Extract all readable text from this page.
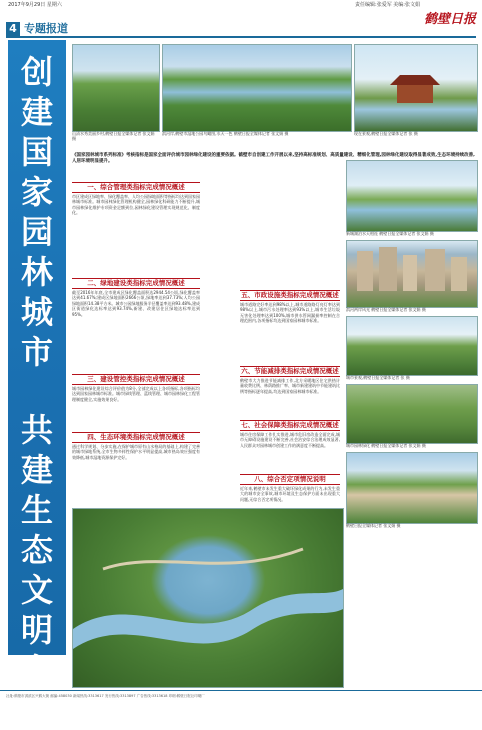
2017年9月29日 星期六	责任编辑:张爱军 美编:张文娟
鹤壁日报
4 专题报道
创
建
国
家
园
林
城
市
共
建
生
态
文
明
家
园
山清水秀美丽乡村,鹤壁日报全媒体记者 张文娟 摄
淇河岸,鹤壁市湿地公园鸟瞰图,水天一色 鹤壁日报全媒体记者 张文娟 摄	现在景观,鹤壁日报全媒体记者 张 摄
《国家园林城市系列标准》考核指标是国家全面评价城市园林绿化建设的重要依据。鹤壁市自创建工作开展以来,坚持高标准规划、高质量建设、精细化管理,园林绿化建设取得显著成效,生态环境持续改善,人居环境明显提升。
一、综合管理类指标完成情况概述
市区建成区绿地率、绿化覆盖率、人均公园绿地面积等指标均达到国家园林城市标准。城市园林绿化管理机构健全,园林绿化科研能力不断提升,城市园林绿化维护专项资金足额到位,园林绿化建设管理实现规范化、制度化。
二、绿地建设类指标完成情况概述
截至2016年年底,全市建成区绿化覆盖面积达2944.54公顷,绿化覆盖率达到41.67%;建成区绿地面积2666公顷,绿地率达到37.73%;人均公园绿地面积14.38平方米。城市公园绿地服务半径覆盖率达到93.48%,建成区街道绿化达标率达到93.74%,新建、改建居住区绿地达标率达到95%。
三、建设管控类指标完成情况概述
城市园林绿化建设综合评价值为8分,全部完成以上各项指标,各项指标均达到国家园林城市标准。城市绿线管理、蓝线管理、城市园林绿化工程管理制度健全,实施效果良好。
四、生态环境类指标完成情况概述
通过科学规划、分步实施,在保护城市原有山水格局的基础上,构建了完善的城市绿地系统,全市生物多样性保护水平明显提高,城市热岛效应强度有效降低,城市湿地资源保护完好。
五、市政设施类指标完成情况概述
城市道路完好率达到98%以上,城市道路路灯亮灯率达到98%以上,城市污水处理率达到93%以上,城市生活垃圾无害化处理率达到100%,城市供水管网漏损率控制在合理范围内,各项指标均达到国家园林城市标准。
六、节能减排类指标完成情况概述
鹤壁市大力推进节能减排工作,北方采暖地区住宅供热计量收费比例、林荫路推广率、城市新建建筑中节能建筑比例等指标逐年提高,均达到国家园林城市标准。
七、社会保障类指标完成情况概述
城市住房保障工作扎实推进,城市危旧房改造全面完成,城市无障碍设施建设不断完善,社会治安综合治理成效显著,人民群众对园林城市创建工作的满意度不断提高。
八、综合否定项情况说明
近年来,鹤壁市未发生重大破坏绿化成果的行为,未发生重大的城市安全事故,城市环境及生态保护方面未出现重大问题,无综合否定项情况。
新城湖泊水天相连 鹤壁日报全媒体记者 张文娟 摄
淇河两岸风光 鹤壁日报全媒体记者 张文娟 摄
城市景观,鹤壁日报全媒体记者 张 摄
城市园林绿化 鹤壁日报全媒体记者 张文娟 摄
鹤壁日报全媒体记者 张文娟 摄
社址:鹤壁市淇滨区兴鹤大街 邮编:458030 新闻热线:3313617 发行热线:3313897 广告热线:3313618 印刷:鹤壁日报社印刷厂
